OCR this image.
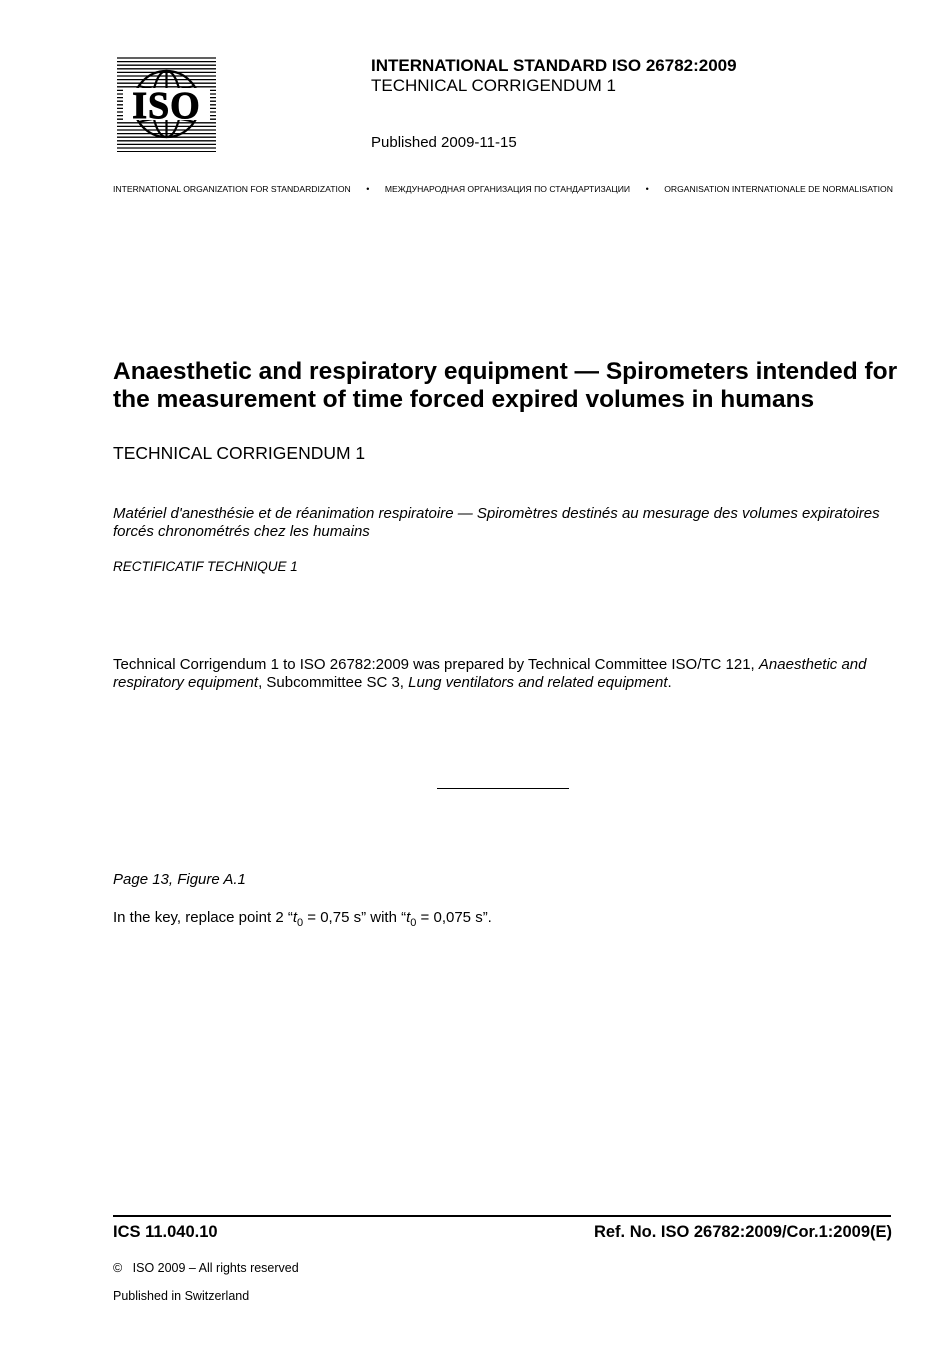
ISO
INTERNATIONAL STANDARD ISO 26782:2009
TECHNICAL CORRIGENDUM 1
Published 2009-11-15
INTERNATIONAL ORGANIZATION FOR STANDARDIZATION • МЕЖДУНАРОДНАЯ ОРГАНИЗАЦИЯ ПО СТАНДАРТИЗАЦИИ • ORGANISATION INTERNATIONALE DE NORMALISATION
Anaesthetic and respiratory equipment — Spirometers intended for the measurement of time forced expired volumes in humans
TECHNICAL CORRIGENDUM 1
Matériel d'anesthésie et de réanimation respiratoire — Spiromètres destinés au mesurage des volumes expiratoires forcés chronométrés chez les humains
RECTIFICATIF TECHNIQUE 1
Technical Corrigendum 1 to ISO 26782:2009 was prepared by Technical Committee ISO/TC 121, Anaesthetic and respiratory equipment, Subcommittee SC 3, Lung ventilators and related equipment.
Page 13, Figure A.1
In the key, replace point 2 “$t_0 = 0,75$ s” with “$t_0 = 0,075$ s”.
ICS 11.040.10	Ref. No. ISO 26782:2009/Cor.1:2009(E)
© ISO 2009 – All rights reserved
Published in Switzerland
